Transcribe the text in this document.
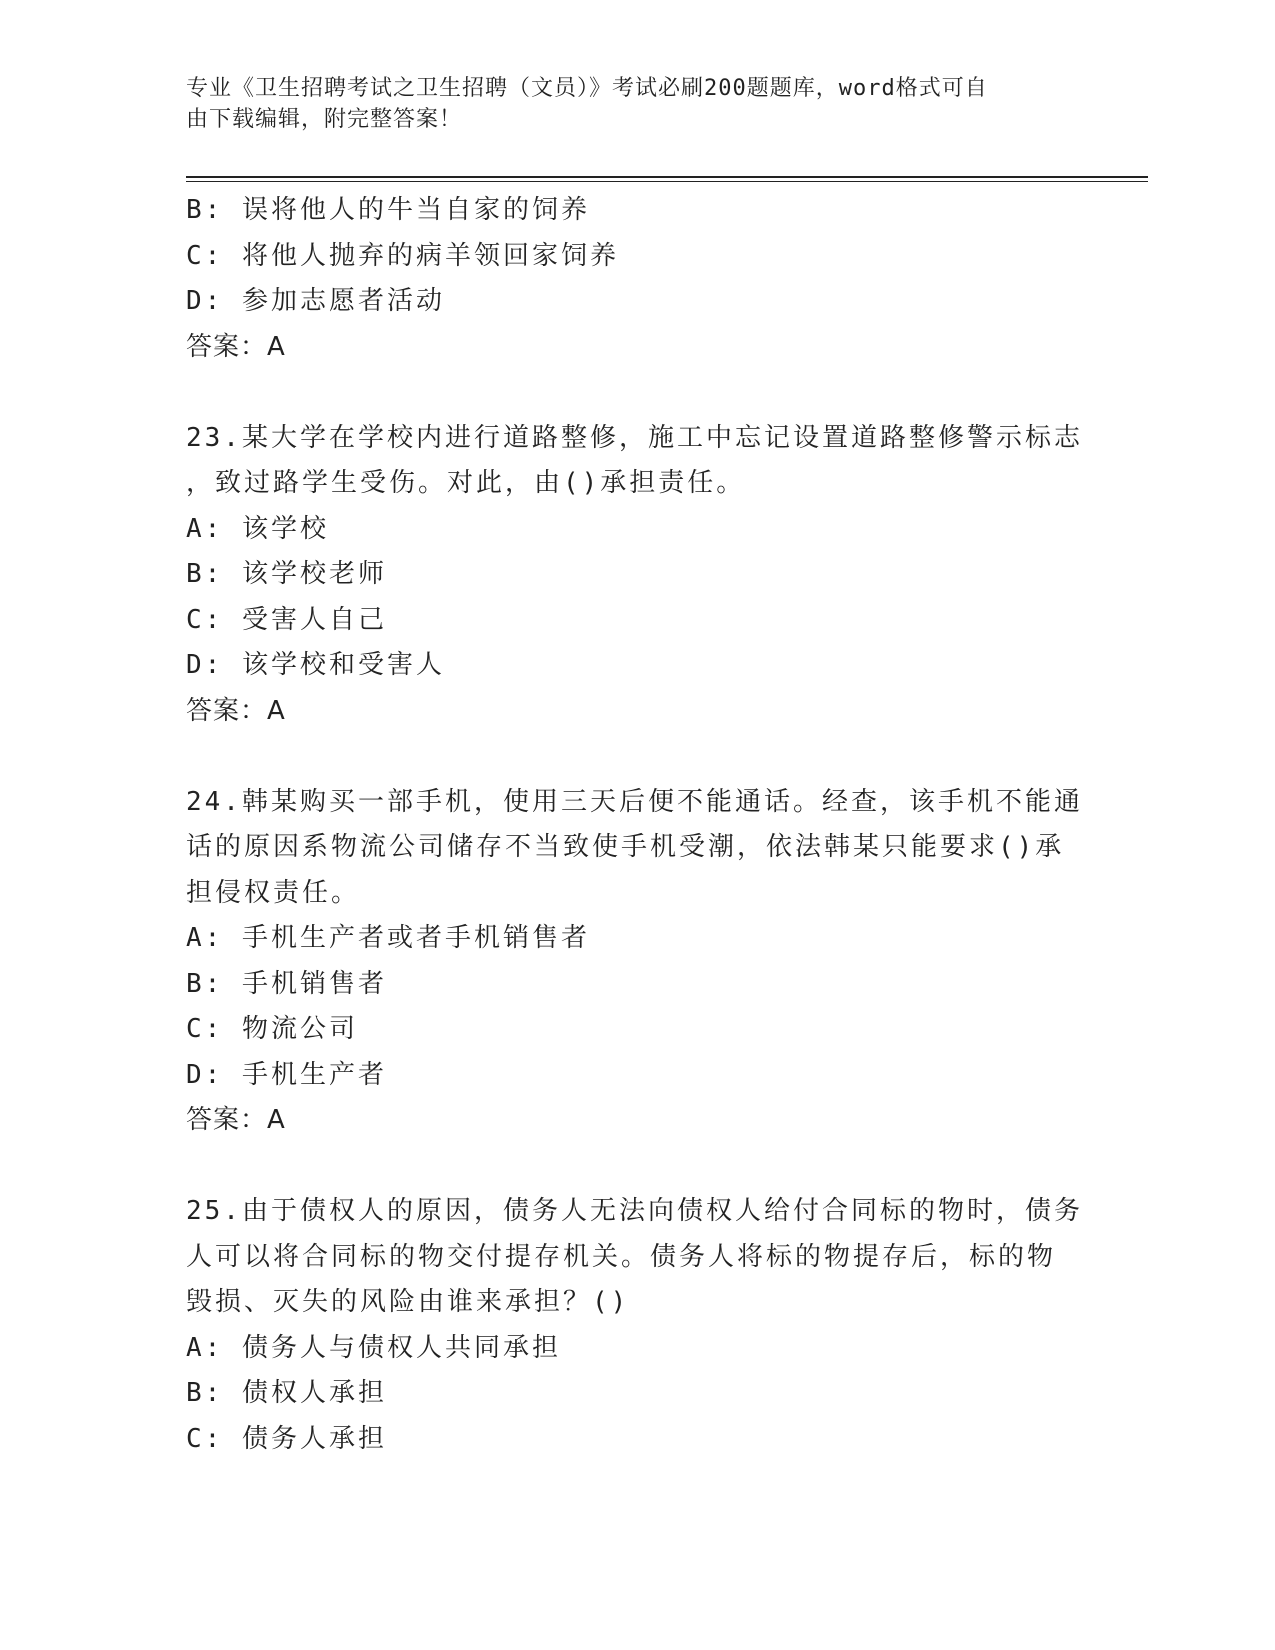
专业《卫生招聘考试之卫生招聘（文员）》考试必刷200题题库，word格式可自
由下载编辑，附完整答案！
B: 误将他人的牛当自家的饲养
C: 将他人抛弃的病羊领回家饲养
D: 参加志愿者活动
答案：A
23.某大学在学校内进行道路整修，施工中忘记设置道路整修警示标志
，致过路学生受伤。对此，由()承担责任。
A: 该学校
B: 该学校老师
C: 受害人自己
D: 该学校和受害人
答案：A
24.韩某购买一部手机，使用三天后便不能通话。经查，该手机不能通
话的原因系物流公司储存不当致使手机受潮，依法韩某只能要求()承
担侵权责任。
A: 手机生产者或者手机销售者
B: 手机销售者
C: 物流公司
D: 手机生产者
答案：A
25.由于债权人的原因，债务人无法向债权人给付合同标的物时，债务
人可以将合同标的物交付提存机关。债务人将标的物提存后，标的物
毁损、灭失的风险由谁来承担？()
A: 债务人与债权人共同承担
B: 债权人承担
C: 债务人承担
